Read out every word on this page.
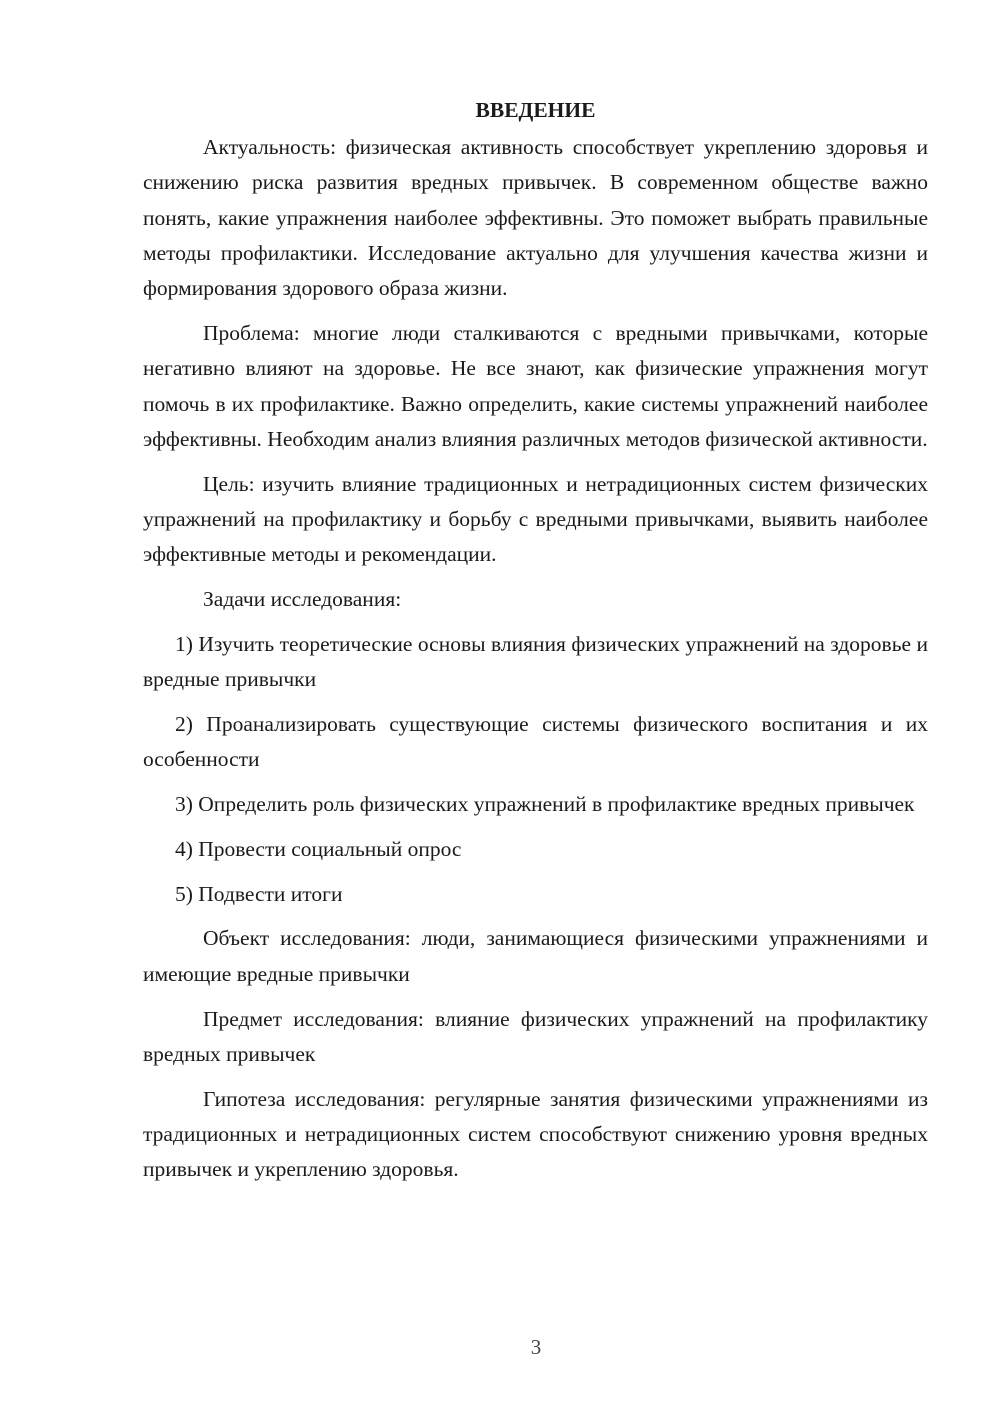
ВВЕДЕНИЕ

Актуальность: физическая активность способствует укреплению здоровья и снижению риска развития вредных привычек. В современном обществе важно понять, какие упражнения наиболее эффективны. Это поможет выбрать правильные методы профилактики. Исследование актуально для улучшения качества жизни и формирования здорового образа жизни.

Проблема: многие люди сталкиваются с вредными привычками, которые негативно влияют на здоровье. Не все знают, как физические упражнения могут помочь в их профилактике. Важно определить, какие системы упражнений наиболее эффективны. Необходим анализ влияния различных методов физической активности.

Цель: изучить влияние традиционных и нетрадиционных систем физических упражнений на профилактику и борьбу с вредными привычками, выявить наиболее эффективные методы и рекомендации.

Задачи исследования:

1) Изучить теоретические основы влияния физических упражнений на здоровье и вредные привычки

2) Проанализировать существующие системы физического воспитания и их особенности

3) Определить роль физических упражнений в профилактике вредных привычек

4) Провести социальный опрос

5) Подвести итоги

Объект исследования: люди, занимающиеся физическими упражнениями и имеющие вредные привычки

Предмет исследования: влияние физических упражнений на профилактику вредных привычек

Гипотеза исследования: регулярные занятия физическими упражнениями из традиционных и нетрадиционных систем способствуют снижению уровня вредных привычек и укреплению здоровья.

3
